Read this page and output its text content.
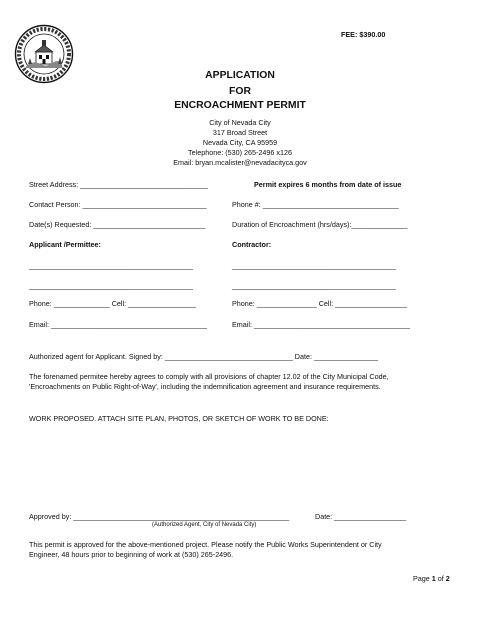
FEE: $390.00
APPLICATION
FOR
ENCROACHMENT PERMIT
City of Nevada City
317 Broad Street
Nevada City, CA 95959
Telephone: (530) 265-2496 x126
Email: bryan.mcalister@nevadacityca.gov
Street Address: ________________________________	Permit expires 6 months from date of issue
Contact Person: _______________________________	Phone #: __________________________________
Date(s) Requested: ____________________________	Duration of Encroachment (hrs/days):______________
Applicant /Permittee:	Contractor:
_________________________________________	_________________________________________
_________________________________________	_________________________________________
Phone: ______________ Cell: _________________	Phone: _______________ Cell: __________________
Email: _______________________________________	Email: _______________________________________
Authorized agent for Applicant. Signed by: ________________________________ Date: ________________
The forenamed permitee hereby agrees to comply with all provisions of chapter 12.02 of the City Municipal Code,
'Encroachments on Public Right-of-Way', including the indemnification agreement and insurance requirements.
WORK PROPOSED. ATTACH SITE PLAN, PHOTOS, OR SKETCH OF WORK TO BE DONE:
Approved by: ______________________________________________________	Date: __________________
(Authorized Agent, City of Nevada City)
This permit is approved for the above-mentioned project. Please notify the Public Works Superintendent or City
Engineer, 48 hours prior to beginning of work at (530) 265-2496.
Page 1 of 2
